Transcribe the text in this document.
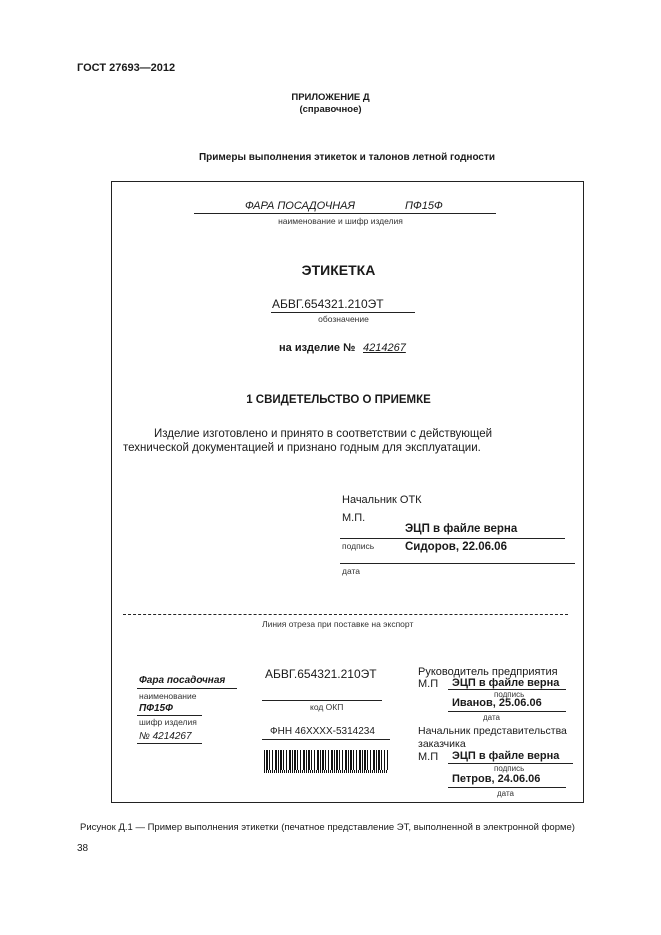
ГОСТ 27693—2012
ПРИЛОЖЕНИЕ Д
(справочное)
Примеры выполнения этикеток и талонов летной годности
ФАРА ПОСАДОЧНАЯ	ПФ15Ф
наименование и шифр изделия
ЭТИКЕТКА
АБВГ.654321.210ЭТ
обозначение
на изделие № 4214267
1 СВИДЕТЕЛЬСТВО О ПРИЕМКЕ
Изделие изготовлено и принято в соответствии с действующей
технической документацией и признано годным для эксплуатации.
Начальник ОТК
М.П.
ЭЦП в файле верна
подпись	Сидоров, 22.06.06
дата
Линия отреза при поставке на экспорт
Фара посадочная
наименование
ПФ15Ф
шифр изделия
№ 4214267
АБВГ.654321.210ЭТ
код ОКП
ФНН 46XXXX-5314234
Руководитель предприятия
М.П ЭЦП в файле верна
подпись
Иванов, 25.06.06
дата
Начальник представительства
заказчика
М.П ЭЦП в файле верна
подпись
Петров, 24.06.06
дата
Рисунок Д.1 — Пример выполнения этикетки (печатное представление ЭТ, выполненной в электронной форме)
38
